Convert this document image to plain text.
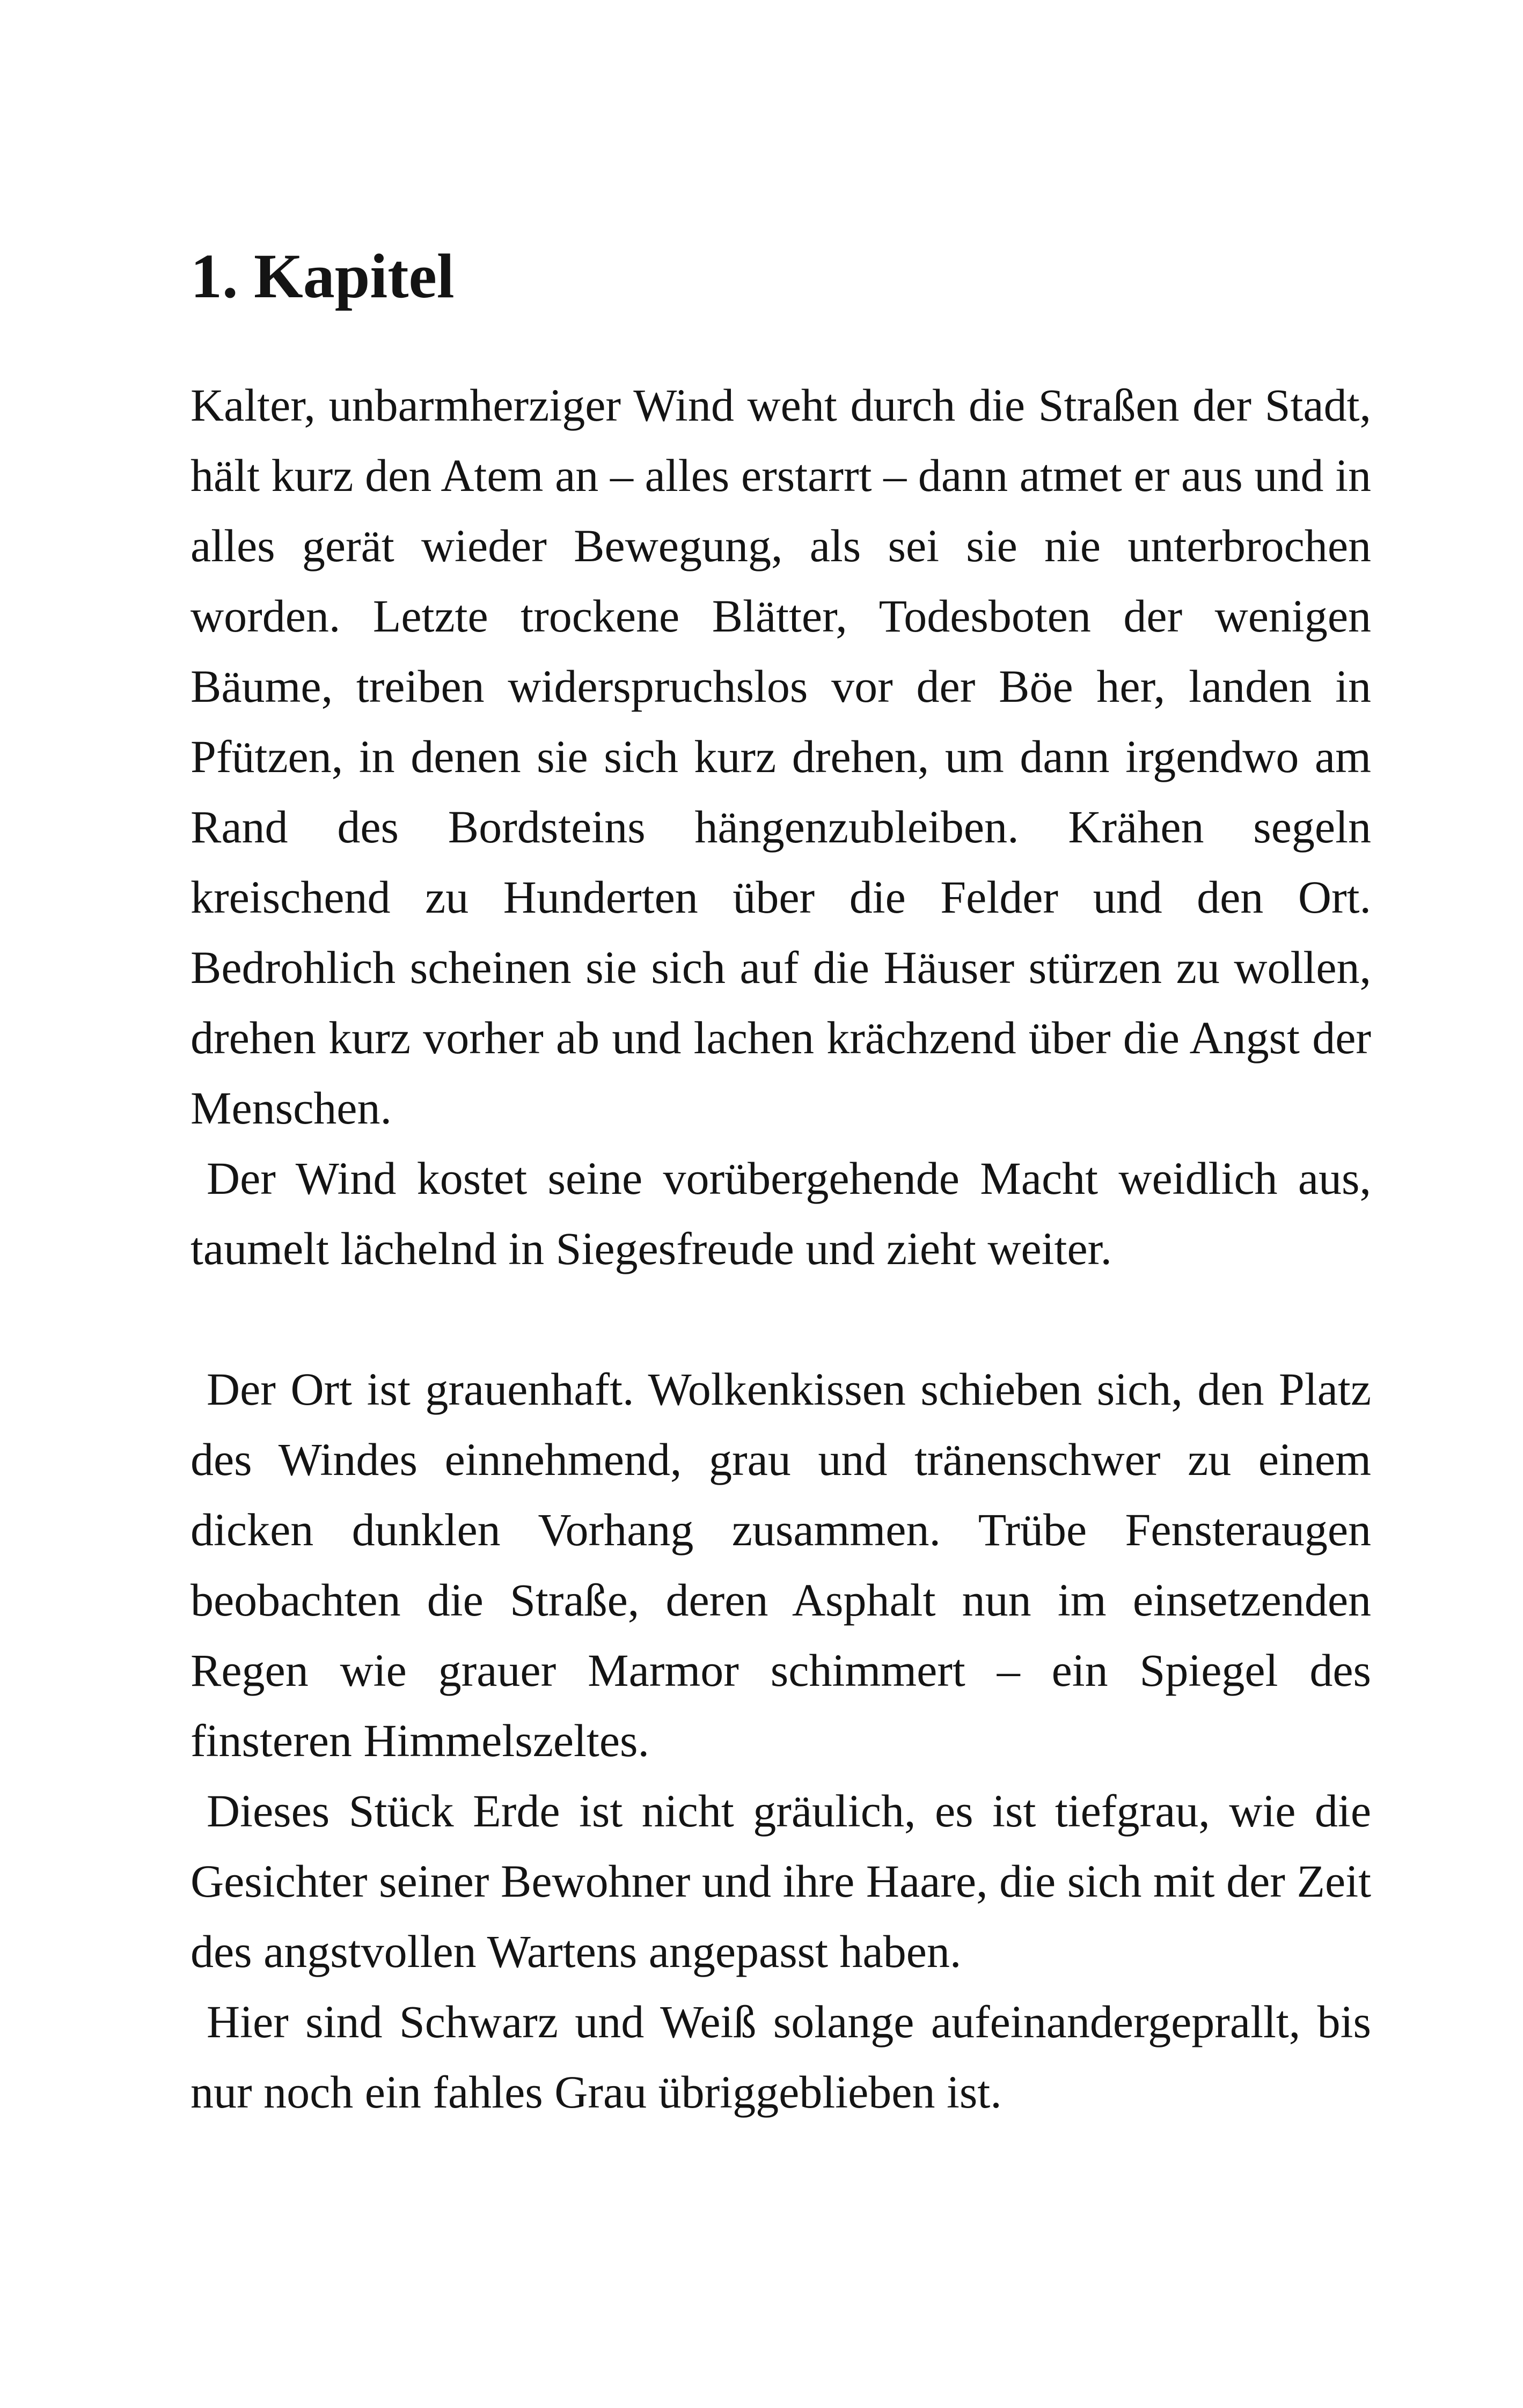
1. Kapitel

Kalter, unbarmherziger Wind weht durch die Straßen der Stadt, hält kurz den Atem an – alles erstarrt – dann atmet er aus und in alles gerät wieder Bewegung, als sei sie nie unterbrochen worden. Letzte trockene Blätter, Todesboten der wenigen Bäume, treiben widerspruchslos vor der Böe her, landen in Pfützen, in denen sie sich kurz drehen, um dann irgendwo am Rand des Bordsteins hängenzubleiben. Krähen segeln kreischend zu Hunderten über die Felder und den Ort. Bedrohlich scheinen sie sich auf die Häuser stürzen zu wollen, drehen kurz vorher ab und lachen krächzend über die Angst der Menschen.

Der Wind kostet seine vorübergehende Macht weidlich aus, taumelt lächelnd in Siegesfreude und zieht weiter.

Der Ort ist grauenhaft. Wolkenkissen schieben sich, den Platz des Windes einnehmend, grau und tränenschwer zu einem dicken dunklen Vorhang zusammen. Trübe Fensteraugen beobachten die Straße, deren Asphalt nun im einsetzenden Regen wie grauer Marmor schimmert – ein Spiegel des finsteren Himmelszeltes.

Dieses Stück Erde ist nicht gräulich, es ist tiefgrau, wie die Gesichter seiner Bewohner und ihre Haare, die sich mit der Zeit des angstvollen Wartens angepasst haben.

Hier sind Schwarz und Weiß solange aufeinandergeprallt, bis nur noch ein fahles Grau übriggeblieben ist.
